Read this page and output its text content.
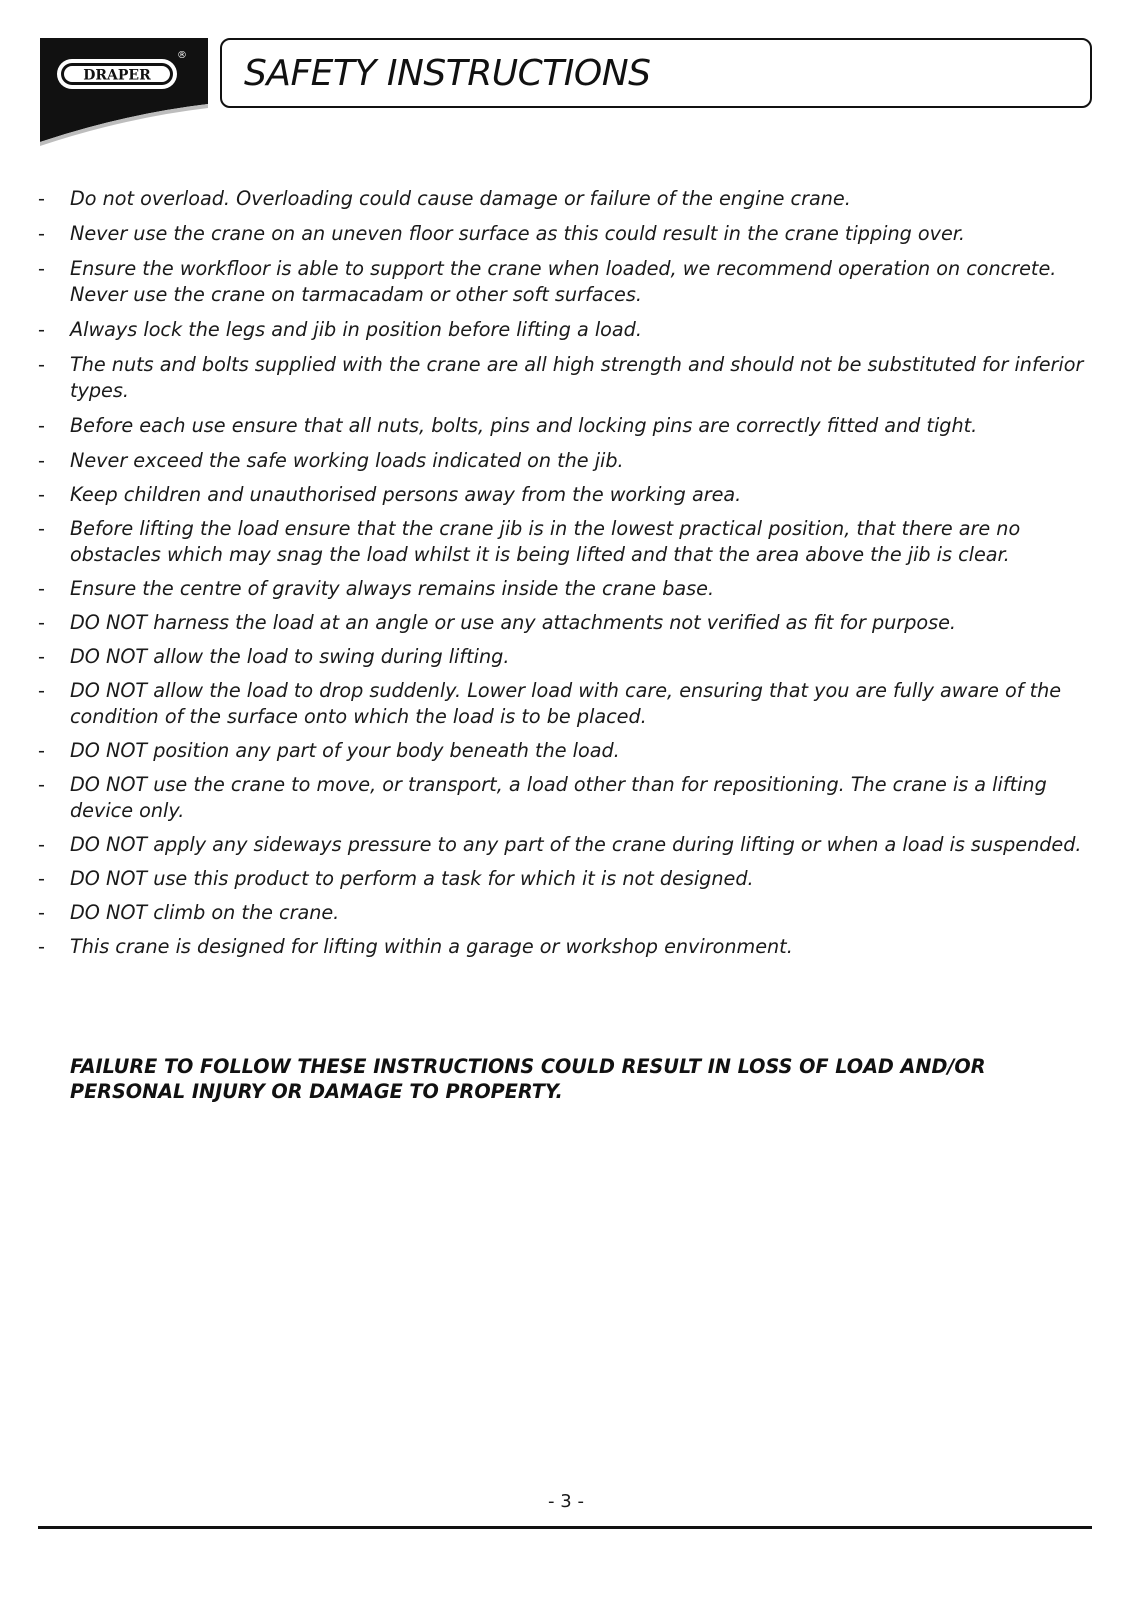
DRAPER
® SAFETY INSTRUCTIONS
- Do not overload. Overloading could cause damage or failure of the engine crane.
- Never use the crane on an uneven floor surface as this could result in the crane tipping over.
- Ensure the workfloor is able to support the crane when loaded, we recommend operation on concrete. Never use the crane on tarmacadam or other soft surfaces.
- Always lock the legs and jib in position before lifting a load.
- The nuts and bolts supplied with the crane are all high strength and should not be substituted for inferior types.
- Before each use ensure that all nuts, bolts, pins and locking pins are correctly fitted and tight.
- Never exceed the safe working loads indicated on the jib.
- Keep children and unauthorised persons away from the working area.
- Before lifting the load ensure that the crane jib is in the lowest practical position, that there are no obstacles which may snag the load whilst it is being lifted and that the area above the jib is clear.
- Ensure the centre of gravity always remains inside the crane base.
- DO NOT harness the load at an angle or use any attachments not verified as fit for purpose.
- DO NOT allow the load to swing during lifting.
- DO NOT allow the load to drop suddenly. Lower load with care, ensuring that you are fully aware of the condition of the surface onto which the load is to be placed.
- DO NOT position any part of your body beneath the load.
- DO NOT use the crane to move, or transport, a load other than for repositioning. The crane is a lifting device only.
- DO NOT apply any sideways pressure to any part of the crane during lifting or when a load is suspended.
- DO NOT use this product to perform a task for which it is not designed.
- DO NOT climb on the crane.
- This crane is designed for lifting within a garage or workshop environment.

FAILURE TO FOLLOW THESE INSTRUCTIONS COULD RESULT IN LOSS OF LOAD AND/OR PERSONAL INJURY OR DAMAGE TO PROPERTY.

- 3 -
